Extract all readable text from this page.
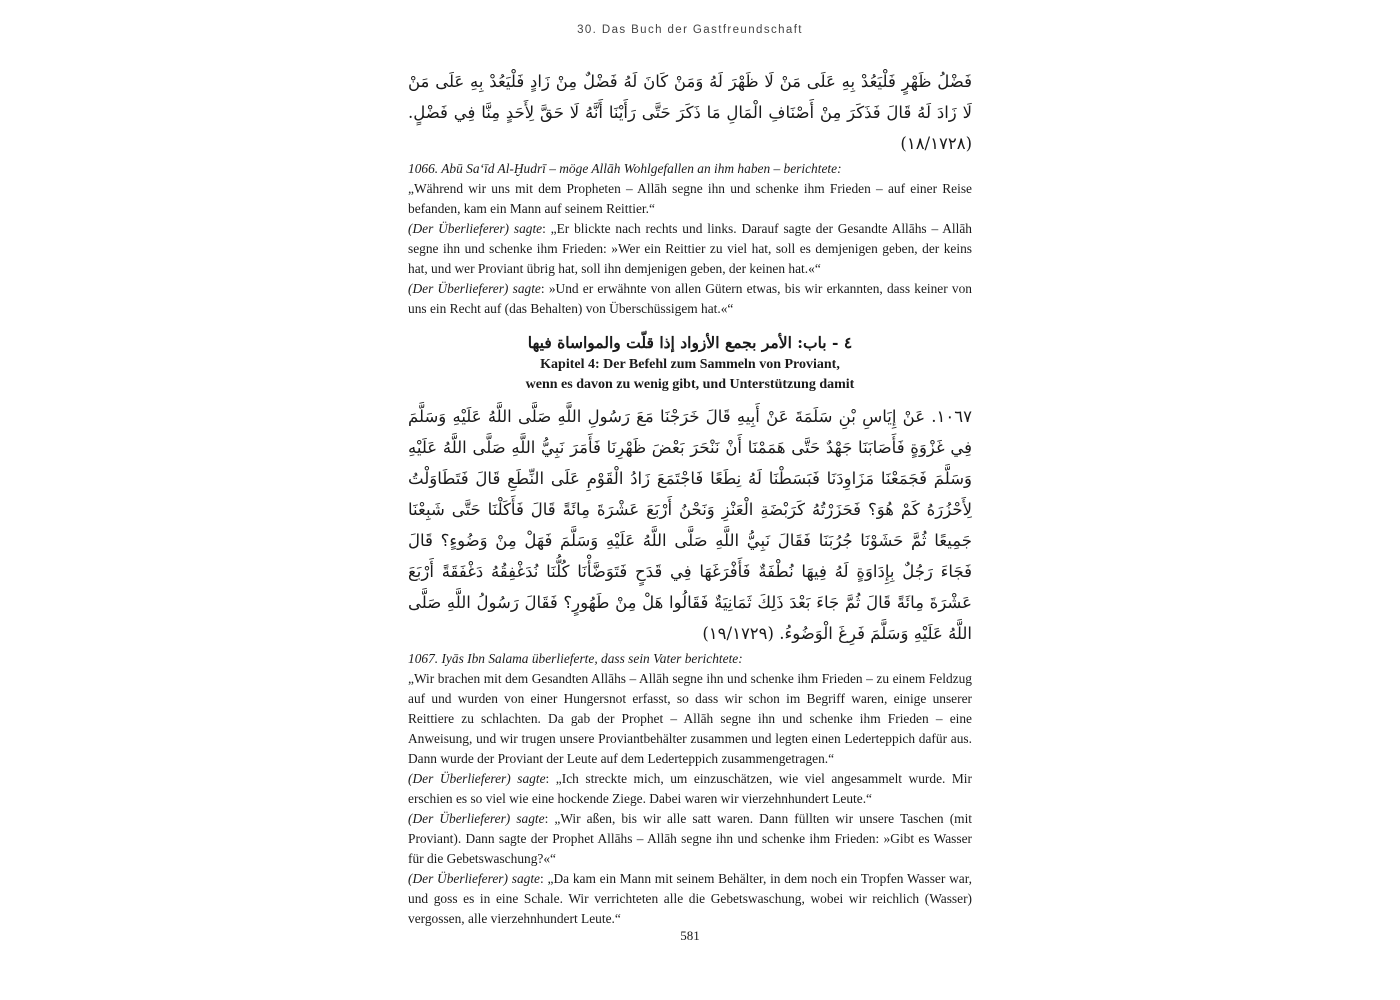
30. Das Buch der Gastfreundschaft

فَضْلُ ظَهْرٍ فَلْيَعُدْ بِهِ عَلَى مَنْ لَا ظَهْرَ لَهُ وَمَنْ كَانَ لَهُ فَضْلٌ مِنْ زَادٍ فَلْيَعُدْ بِهِ عَلَى مَنْ لَا زَادَ لَهُ قَالَ فَذَكَرَ مِنْ أَصْنَافِ الْمَالِ مَا ذَكَرَ حَتَّى رَأَيْنَا أَنَّهُ لَا حَقَّ لِأَحَدٍ مِنَّا فِي فَضْلٍ. (١٨/١٧٢٨)

1066. Abū Sa‘īd Al-Ḫudrī – möge Allāh Wohlgefallen an ihm haben – berichtete:

„Während wir uns mit dem Propheten – Allāh segne ihn und schenke ihm Frieden – auf einer Reise befanden, kam ein Mann auf seinem Reittier.“

(Der Überlieferer) sagte: „Er blickte nach rechts und links. Darauf sagte der Gesandte Allāhs – Allāh segne ihn und schenke ihm Frieden: »Wer ein Reittier zu viel hat, soll es demjenigen geben, der keins hat, und wer Proviant übrig hat, soll ihn demjenigen geben, der keinen hat.«“

(Der Überlieferer) sagte: »Und er erwähnte von allen Gütern etwas, bis wir erkannten, dass keiner von uns ein Recht auf (das Behalten) von Überschüssigem hat.«“

٤ - باب: الأمر بجمع الأزواد إذا قلّت والمواساة فيها

Kapitel 4: Der Befehl zum Sammeln von Proviant,

wenn es davon zu wenig gibt, und Unterstützung damit

١٠٦٧. عَنْ إِيَاسِ بْنِ سَلَمَةَ عَنْ أَبِيهِ قَالَ خَرَجْنَا مَعَ رَسُولِ اللَّهِ صَلَّى اللَّهُ عَلَيْهِ وَسَلَّمَ فِي غَزْوَةٍ فَأَصَابَنَا جَهْدٌ حَتَّى هَمَمْنَا أَنْ نَنْحَرَ بَعْضَ ظَهْرِنَا فَأَمَرَ نَبِيُّ اللَّهِ صَلَّى اللَّهُ عَلَيْهِ وَسَلَّمَ فَجَمَعْنَا مَزَاوِدَنَا فَبَسَطْنَا لَهُ نِطَعًا فَاجْتَمَعَ زَادُ الْقَوْمِ عَلَى النِّطَعِ قَالَ فَتَطَاوَلْتُ لِأَحْزُرَهُ كَمْ هُوَ؟ فَحَزَرْتُهُ كَرَبْضَةِ الْعَنْزِ وَنَحْنُ أَرْبَعَ عَشْرَةَ مِائَةً قَالَ فَأَكَلْنَا حَتَّى شَبِعْنَا جَمِيعًا ثُمَّ حَشَوْنَا جُرُبَنَا فَقَالَ نَبِيُّ اللَّهِ صَلَّى اللَّهُ عَلَيْهِ وَسَلَّمَ فَهَلْ مِنْ وَضُوءٍ؟ قَالَ فَجَاءَ رَجُلٌ بِإِدَاوَةٍ لَهُ فِيهَا نُطْفَةٌ فَأَفْرَغَهَا فِي قَدَحٍ فَتَوَضَّأْنَا كُلُّنَا نُدَغْفِقُهُ دَغْفَقَةً أَرْبَعَ عَشْرَةَ مِائَةً قَالَ ثُمَّ جَاءَ بَعْدَ ذَلِكَ ثَمَانِيَةٌ فَقَالُوا هَلْ مِنْ طَهُورٍ؟ فَقَالَ رَسُولُ اللَّهِ صَلَّى اللَّهُ عَلَيْهِ وَسَلَّمَ فَرِغَ الْوَضُوءُ. (١٩/١٧٢٩)

1067. Iyās Ibn Salama überlieferte, dass sein Vater berichtete:

„Wir brachen mit dem Gesandten Allāhs – Allāh segne ihn und schenke ihm Frieden – zu einem Feldzug auf und wurden von einer Hungersnot erfasst, so dass wir schon im Begriff waren, einige unserer Reittiere zu schlachten. Da gab der Prophet – Allāh segne ihn und schenke ihm Frieden – eine Anweisung, und wir trugen unsere Proviantbehälter zusammen und legten einen Lederteppich dafür aus. Dann wurde der Proviant der Leute auf dem Lederteppich zusammengetragen.“

(Der Überlieferer) sagte: „Ich streckte mich, um einzuschätzen, wie viel angesammelt wurde. Mir erschien es so viel wie eine hockende Ziege. Dabei waren wir vierzehnhundert Leute.“

(Der Überlieferer) sagte: „Wir aßen, bis wir alle satt waren. Dann füllten wir unsere Taschen (mit Proviant). Dann sagte der Prophet Allāhs – Allāh segne ihn und schenke ihm Frieden: »Gibt es Wasser für die Gebetswaschung?«“

(Der Überlieferer) sagte: „Da kam ein Mann mit seinem Behälter, in dem noch ein Tropfen Wasser war, und goss es in eine Schale. Wir verrichteten alle die Gebetswaschung, wobei wir reichlich (Wasser) vergossen, alle vierzehnhundert Leute.“

581
